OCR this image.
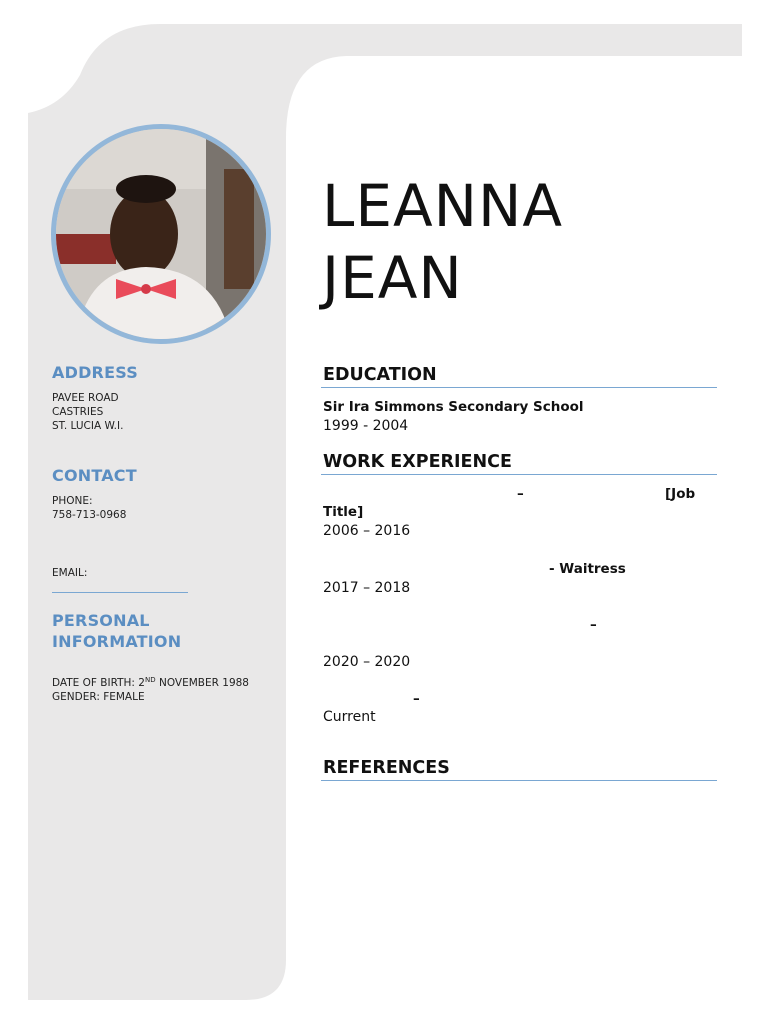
ADDRESS
PAVEE ROAD
CASTRIES
ST. LUCIA W.I.
CONTACT
PHONE:
758-713-0968
EMAIL:
PERSONAL
INFORMATION
DATE OF BIRTH: 2ND NOVEMBER 1988
GENDER: FEMALE
LEANNA
JEAN
EDUCATION
Sir Ira Simmons Secondary School
1999 - 2004
WORK EXPERIENCE
–	[Job
Title]
2006 – 2016
- Waitress
2017 – 2018
–
2020 – 2020
–
Current
REFERENCES
